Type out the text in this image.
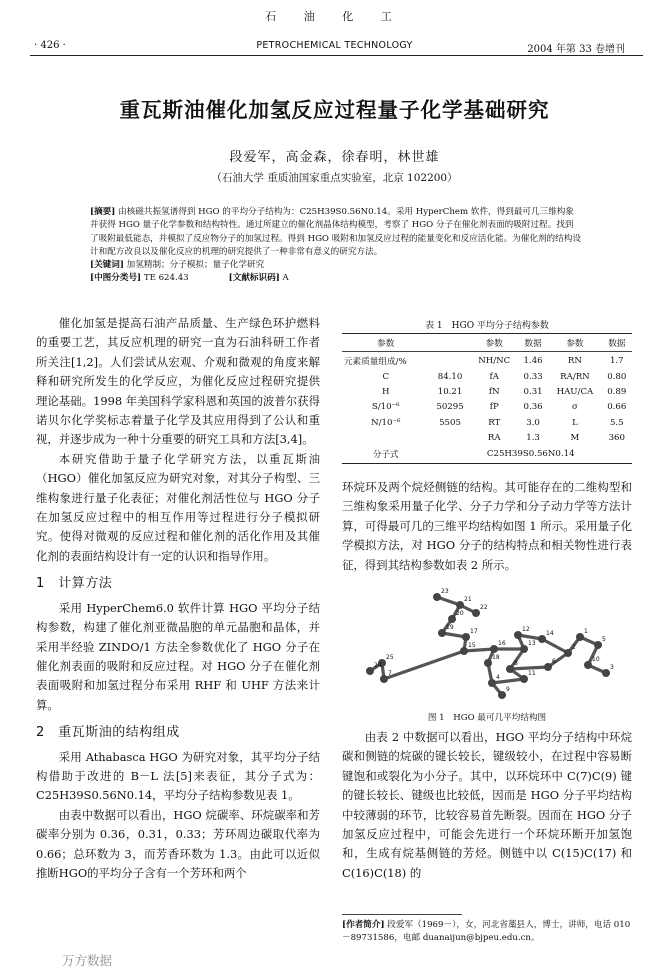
石 油 化 工
· 426 ·	PETROCHEMICAL TECHNOLOGY	2004 年第 33 卷增刊
重瓦斯油催化加氢反应过程量子化学基础研究
段爱军，高金森，徐春明，林世雄
（石油大学 重质油国家重点实验室，北京 102200）
[摘要] 由核磁共振氢谱得到 HGO 的平均分子结构为：C25H39S0.56N0.14。采用 HyperChem 软件，得到最可几三维构象并获得 HGO 量子化学参数和结构特性。通过所建立的催化剂晶体结构模型，考察了 HGO 分子在催化剂表面的吸附过程。找到了吸附最低能态，并模拟了反应物分子的加氢过程。得到 HGO 吸附和加氢反应过程的能量变化和反应活化能。为催化剂的结构设计和配方改良以及催化反应的机理的研究提供了一种非常有意义的研究方法。
[关键词] 加氢精制；分子模拟；量子化学研究
[中图分类号] TE 624.43	[文献标识码] A

催化加氢是提高石油产品质量、生产绿色环护燃料的重要工艺，其反应机理的研究一直为石油科研工作者所关注[1,2]。人们尝试从宏观、介观和微观的角度来解释和研究所发生的化学反应，为催化反应过程研究提供理论基础。1998 年美国科学家科恩和英国的波普尔获得诺贝尔化学奖标志着量子化学及其应用得到了公认和重视，并逐步成为一种十分重要的研究工具和方法[3,4]。

本研究借助于量子化学研究方法，以重瓦斯油（HGO）催化加氢反应为研究对象，对其分子构型、三维构象进行量子化表征；对催化剂活性位与 HGO 分子在加氢反应过程中的相互作用等过程进行分子模拟研究。使得对微观的反应过程和催化剂的活化作用及其催化剂的表面结构设计有一定的认识和指导作用。

1　计算方法

采用 HyperChem6.0 软件计算 HGO 平均分子结构参数，构建了催化剂亚微晶胞的单元晶胞和晶体，并采用半经验 ZINDO/1 方法全参数优化了 HGO 分子在催化剂表面的吸附和反应过程。对 HGO 分子在催化剂表面吸附和加氢过程分布采用 RHF 和 UHF 方法来计算。

2　重瓦斯油的结构组成

采用 Athabasca HGO 为研究对象，其平均分子结构借助于改进的 B－L 法[5]来表征，其分子式为：C25H39S0.56N0.14，平均分子结构参数见表 1。

由表中数据可以看出，HGO 烷碳率、环烷碳率和芳碳率分别为 0.36，0.31，0.33；芳环周边碳取代率为 0.66；总环数为 3，而芳香环数为 1.3。由此可以近似推断HGO的平均分子含有一个芳环和两个

表 1　HGO 平均分子结构参数
参数		参数	数据	参数	数据
元素质量组成/%		NH/NC	1.46	RN	1.7
C	84.10	fA	0.33	RA/RN	0.80
H	10.21	fN	0.31	HAU/CA	0.89
S/10⁻⁶	50295	fP	0.36	σ	0.66
N/10⁻⁶	5505	RT	3.0	L	5.5
		RA	1.3	M	360
分子式	C25H39S0.56N0.14				

环烷环及两个烷烃侧链的结构。其可能存在的二维构型和三维构象采用量子化学、分子力学和分子动力学等方法计算，可得最可几的三维平均结构如图 1 所示。采用量子化学模拟方法，对 HGO 分子的结构特点和相关物性进行表征，得到其结构参数如表 2 所示。

23
21
20
22
19
17
15	16
18
13
12
14
8	6
11
2
1
5
10
3
4
9
7
25
24
图 1　HGO 最可几平均结构图

由表 2 中数据可以看出，HGO 平均分子结构中环烷碳和侧链的烷碳的键长较长，键级较小，在过程中容易断键饱和或裂化为小分子。其中，以环烷环中 C(7)C(9) 键的键长较长、键级也比较低，因而是 HGO 分子平均结构中较薄弱的环节，比较容易首先断裂。因而在 HGO 分子加氢反应过程中，可能会先进行一个环烷环断开加氢饱和，生成有烷基侧链的芳烃。侧链中以 C(15)C(17) 和 C(16)C(18) 的

[作者简介] 段爱军（1969－），女，河北省藁县人，博士，讲师，电话 010－89731586，电邮 duanaijun@bjpeu.edu.cn。
万方数据
